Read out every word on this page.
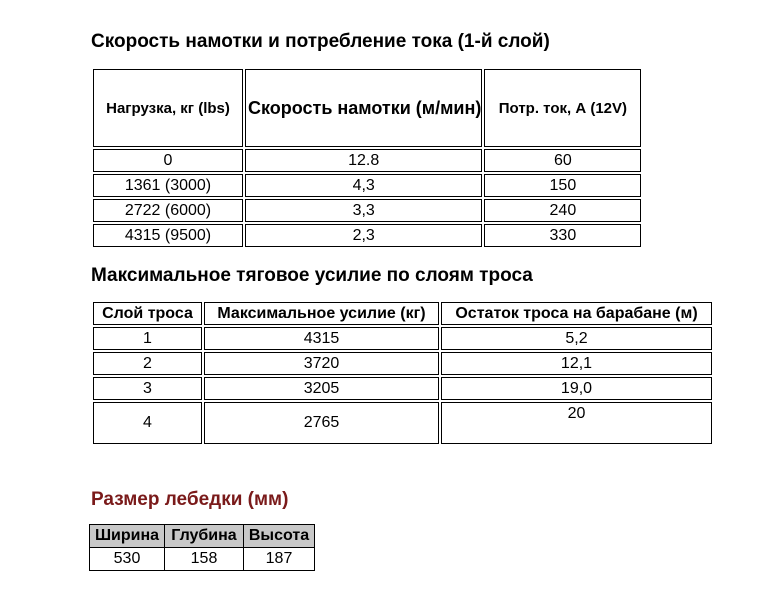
Скорость намотки и потребление тока (1-й слой)
Нагрузка, кг (lbs)	Скорость намотки (м/мин)	Потр. ток, А (12V)
0	12.8	60
1361 (3000)	4,3	150
2722 (6000)	3,3	240
4315 (9500)	2,3	330
Максимальное тяговое усилие по слоям троса
Слой троса	Максимальное усилие (кг)	Остаток троса на барабане (м)
1	4315	5,2
2	3720	12,1
3	3205	19,0
4	2765	20
Размер лебедки (мм)
Ширина	Глубина	Высота
530	158	187
